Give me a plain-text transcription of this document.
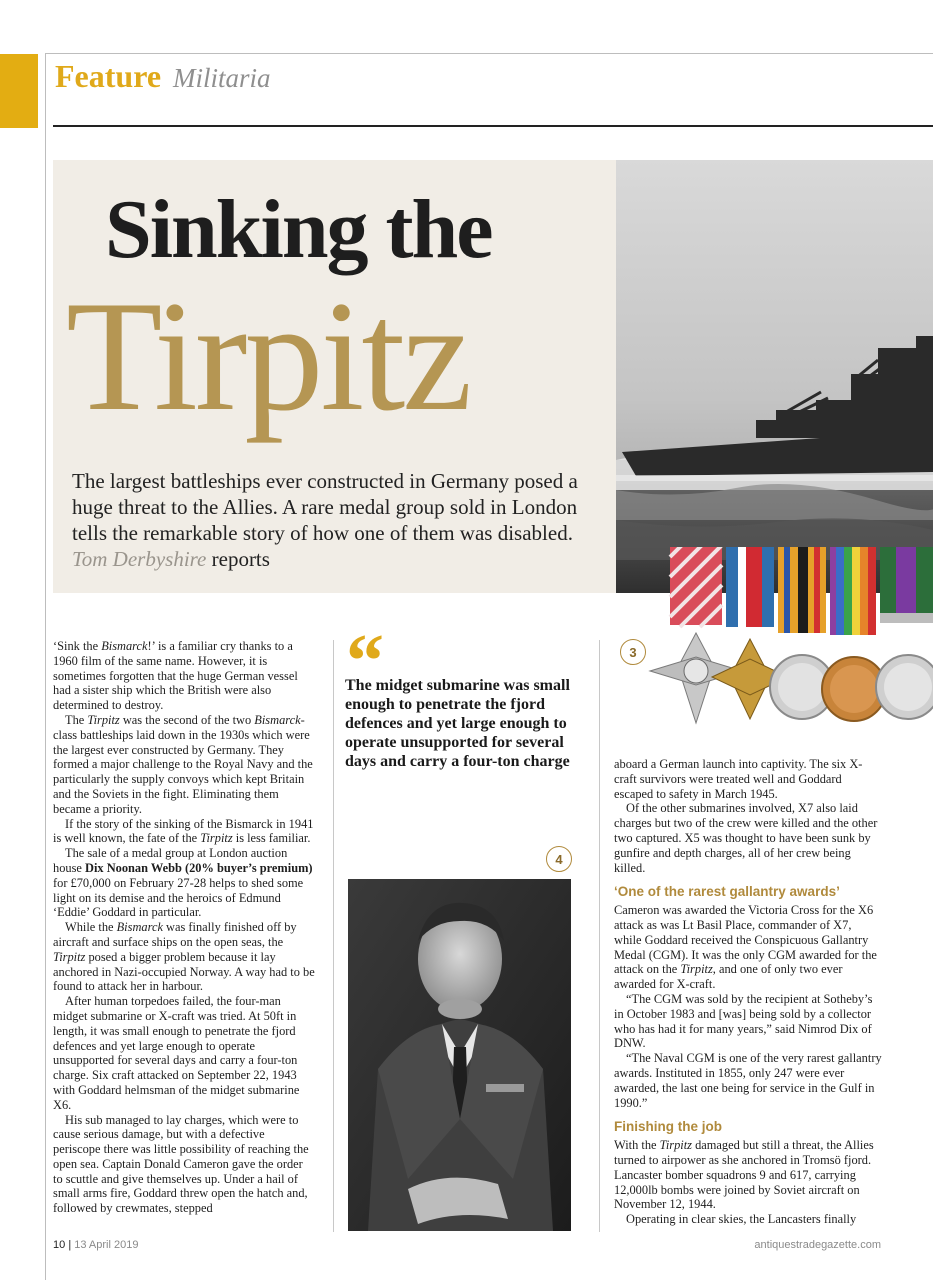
Feature Militaria
Sinking the
Tirpitz
The largest battleships ever constructed in Germany posed a huge threat to the Allies. A rare medal group sold in London tells the remarkable story of how one of them was disabled. Tom Derbyshire reports

‘Sink the Bismarck!’ is a familiar cry thanks to a 1960 film of the same name. However, it is sometimes forgotten that the huge German vessel had a sister ship which the British were also determined to destroy.

The Tirpitz was the second of the two Bismarck-class battleships laid down in the 1930s which were the largest ever constructed by Germany. They formed a major challenge to the Royal Navy and the particularly the supply convoys which kept Britain and the Soviets in the fight. Eliminating them became a priority.

If the story of the sinking of the Bismarck in 1941 is well known, the fate of the Tirpitz is less familiar.

The sale of a medal group at London auction house Dix Noonan Webb (20% buyer’s premium) for £70,000 on February 27-28 helps to shed some light on its demise and the heroics of Edmund ‘Eddie’ Goddard in particular.

While the Bismarck was finally finished off by aircraft and surface ships on the open seas, the Tirpitz posed a bigger problem because it lay anchored in Nazi-occupied Norway. A way had to be found to attack her in harbour.

After human torpedoes failed, the four-man midget submarine or X-craft was tried. At 50ft in length, it was small enough to penetrate the fjord defences and yet large enough to operate unsupported for several days and carry a four-ton charge. Six craft attacked on September 22, 1943 with Goddard helmsman of the midget submarine X6.

His sub managed to lay charges, which were to cause serious damage, but with a defective periscope there was little possibility of reaching the open sea. Captain Donald Cameron gave the order to scuttle and give themselves up. Under a hail of small arms fire, Goddard threw open the hatch and, followed by crewmates, stepped

“
The midget submarine was small enough to penetrate the fjord defences and yet large enough to operate unsupported for several days and carry a four-ton charge
4
3

aboard a German launch into captivity. The six X-craft survivors were treated well and Goddard escaped to safety in March 1945.

Of the other submarines involved, X7 also laid charges but two of the crew were killed and the other two captured. X5 was thought to have been sunk by gunfire and depth charges, all of her crew being killed.

‘One of the rarest gallantry awards’

Cameron was awarded the Victoria Cross for the X6 attack as was Lt Basil Place, commander of X7, while Goddard received the Conspicuous Gallantry Medal (CGM). It was the only CGM awarded for the attack on the Tirpitz, and one of only two ever awarded for X-craft.

“The CGM was sold by the recipient at Sotheby’s in October 1983 and [was] being sold by a collector who has had it for many years,” said Nimrod Dix of DNW.

“The Naval CGM is one of the very rarest gallantry awards. Instituted in 1855, only 247 were ever awarded, the last one being for service in the Gulf in 1990.”

Finishing the job

With the Tirpitz damaged but still a threat, the Allies turned to airpower as she anchored in Tromsö fjord. Lancaster bomber squadrons 9 and 617, carrying 12,000lb bombs were joined by Soviet aircraft on November 12, 1944.

Operating in clear skies, the Lancasters finally

10 | 13 April 2019	antiquestradegazette.com
